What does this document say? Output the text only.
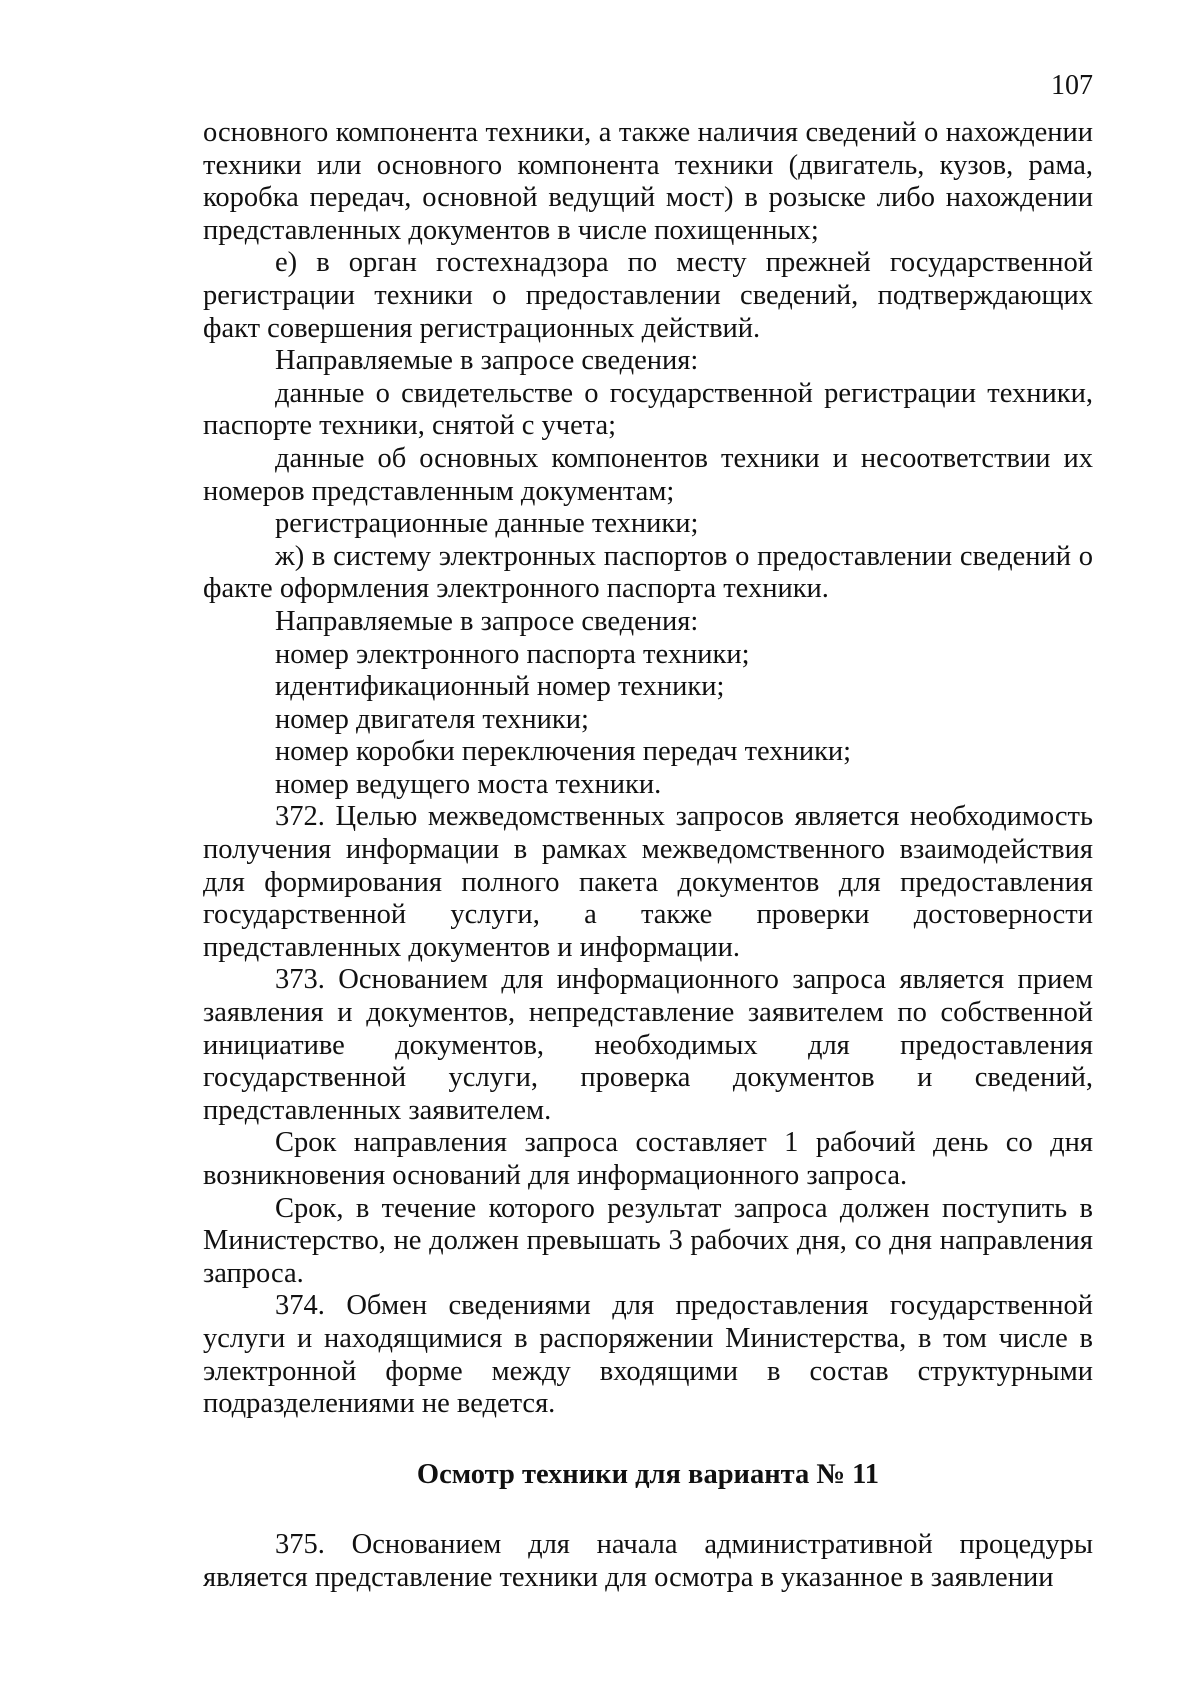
107

основного компонента техники, а также наличия сведений о нахождении техники или основного компонента техники (двигатель, кузов, рама, коробка передач, основной ведущий мост) в розыске либо нахождении представленных документов в числе похищенных;

е) в орган гостехнадзора по месту прежней государственной регистрации техники о предоставлении сведений, подтверждающих факт совершения регистрационных действий.

Направляемые в запросе сведения:

данные о свидетельстве о государственной регистрации техники, паспорте техники, снятой с учета;

данные об основных компонентов техники и несоответствии их номеров представленным документам;

регистрационные данные техники;

ж) в систему электронных паспортов о предоставлении сведений о факте оформления электронного паспорта техники.

Направляемые в запросе сведения:

номер электронного паспорта техники;

идентификационный номер техники;

номер двигателя техники;

номер коробки переключения передач техники;

номер ведущего моста техники.

372. Целью межведомственных запросов является необходимость получения информации в рамках межведомственного взаимодействия для формирования полного пакета документов для предоставления государственной услуги, а также проверки достоверности представленных документов и информации.

373. Основанием для информационного запроса является прием заявления и документов, непредставление заявителем по собственной инициативе документов, необходимых для предоставления государственной услуги, проверка документов и сведений, представленных заявителем.

Срок направления запроса составляет 1 рабочий день со дня возникновения оснований для информационного запроса.

Срок, в течение которого результат запроса должен поступить в Министерство, не должен превышать 3 рабочих дня, со дня направления запроса.

374. Обмен сведениями для предоставления государственной услуги и находящимися в распоряжении Министерства, в том числе в электронной форме между входящими в состав структурными подразделениями не ведется.

Осмотр техники для варианта № 11

375. Основанием для начала административной процедуры является представление техники для осмотра в указанное в заявлении
